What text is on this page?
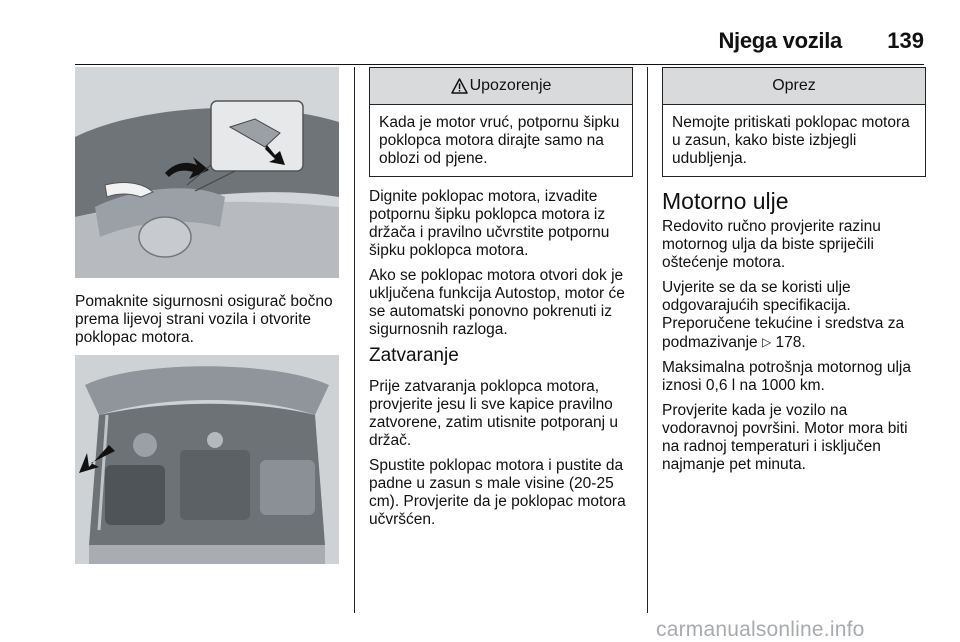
Njega vozila 139
Pomaknite sigurnosni osigurač bočno prema lijevoj strani vozila i otvorite poklopac motora.
Upozorenje
Kada je motor vruć, potpornu šipku poklopca motora dirajte samo na oblozi od pjene.

Dignite poklopac motora, izvadite potpornu šipku poklopca motora iz držača i pravilno učvrstite potpornu šipku poklopca motora.

Ako se poklopac motora otvori dok je uključena funkcija Autostop, motor će se automatski ponovno pokrenuti iz sigurnosnih razloga.

Zatvaranje

Prije zatvaranja poklopca motora, provjerite jesu li sve kapice pravilno zatvorene, zatim utisnite potporanj u držač.

Spustite poklopac motora i pustite da padne u zasun s male visine (20-25 cm). Provjerite da je poklopac motora učvršćen.

Oprez
Nemojte pritiskati poklopac motora u zasun, kako biste izbjegli udubljenja.
Motorno ulje

Redovito ručno provjerite razinu motornog ulja da biste spriječili oštećenje motora.

Uvjerite se da se koristi ulje odgovarajućih specifikacija.

Preporučene tekućine i sredstva za podmazivanje ▷ 178.

Maksimalna potrošnja motornog ulja iznosi 0,6 l na 1000 km.

Provjerite kada je vozilo na vodoravnoj površini. Motor mora biti na radnoj temperaturi i isključen najmanje pet minuta.

carmanualsonline.info
